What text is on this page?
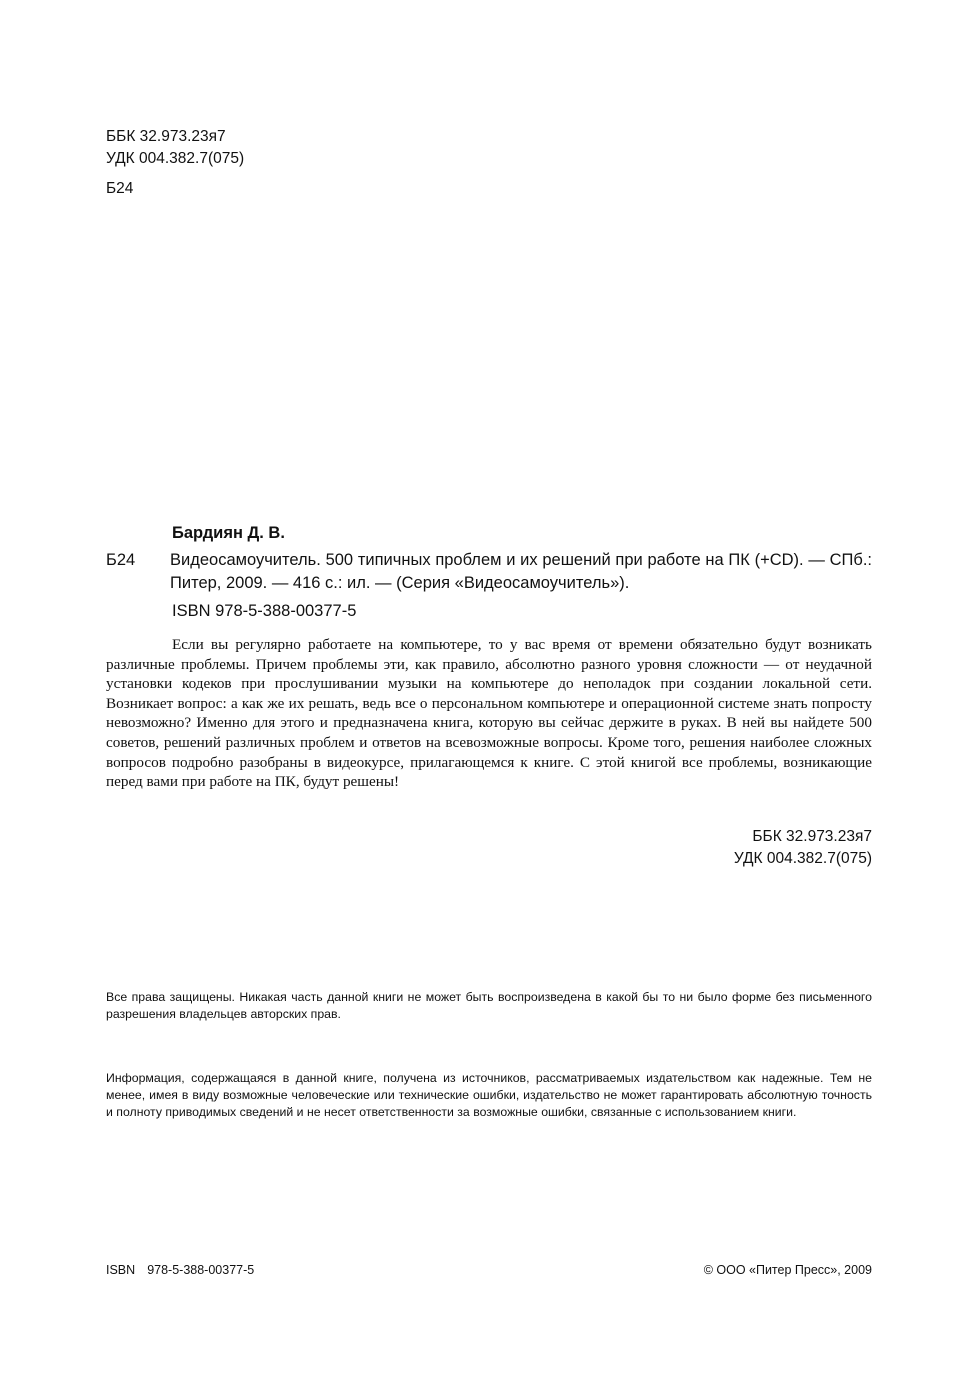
ББК 32.973.23я7
УДК 004.382.7(075)
Б24
Бардиян Д. В.
Б24 Видеосамоучитель. 500 типичных проблем и их решений при работе на ПК (+CD). — СПб.: Питер, 2009. — 416 с.: ил. — (Серия «Видеосамоучитель»).
ISBN 978-5-388-00377-5
Если вы регулярно работаете на компьютере, то у вас время от времени обязательно будут возникать различные проблемы. Причем проблемы эти, как правило, абсолютно разного уровня сложности — от неудачной установки кодеков при прослушивании музыки на компьютере до неполадок при создании локальной сети. Возникает вопрос: а как же их решать, ведь все о персональном компьютере и операционной системе знать попросту невозможно? Именно для этого и предназначена книга, которую вы сейчас держите в руках. В ней вы найдете 500 советов, решений различных проблем и ответов на всевозможные вопросы. Кроме того, решения наиболее сложных вопросов подробно разобраны в видеокурсе, прилагающемся к книге. С этой книгой все проблемы, возникающие перед вами при работе на ПК, будут решены!
ББК 32.973.23я7
УДК 004.382.7(075)
Все права защищены. Никакая часть данной книги не может быть воспроизведена в какой бы то ни было форме без письменного разрешения владельцев авторских прав.
Информация, содержащаяся в данной книге, получена из источников, рассматриваемых издательством как надежные. Тем не менее, имея в виду возможные человеческие или технические ошибки, издательство не может гарантировать абсолютную точность и полноту приводимых сведений и не несет ответственности за возможные ошибки, связанные с использованием книги.
ISBN 978-5-388-00377-5	© ООО «Питер Пресс», 2009
